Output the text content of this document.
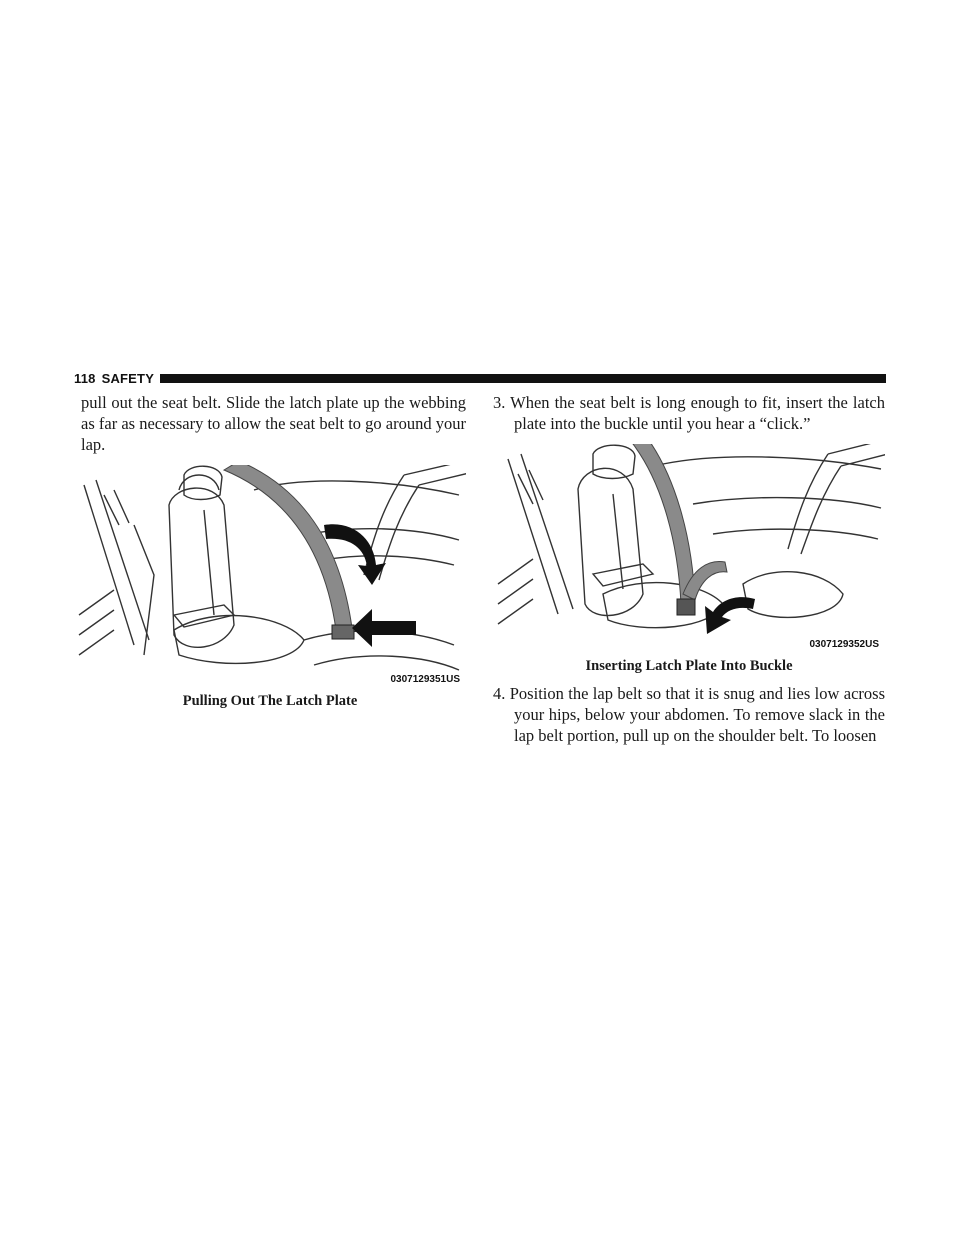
118 SAFETY

pull out the seat belt. Slide the latch plate up the webbing as far as necessary to allow the seat belt to go around your lap.

0307129351US
Pulling Out The Latch Plate

3. When the seat belt is long enough to fit, insert the latch plate into the buckle until you hear a “click.”

0307129352US
Inserting Latch Plate Into Buckle

4. Position the lap belt so that it is snug and lies low across your hips, below your abdomen. To remove slack in the lap belt portion, pull up on the shoulder belt. To loosen
